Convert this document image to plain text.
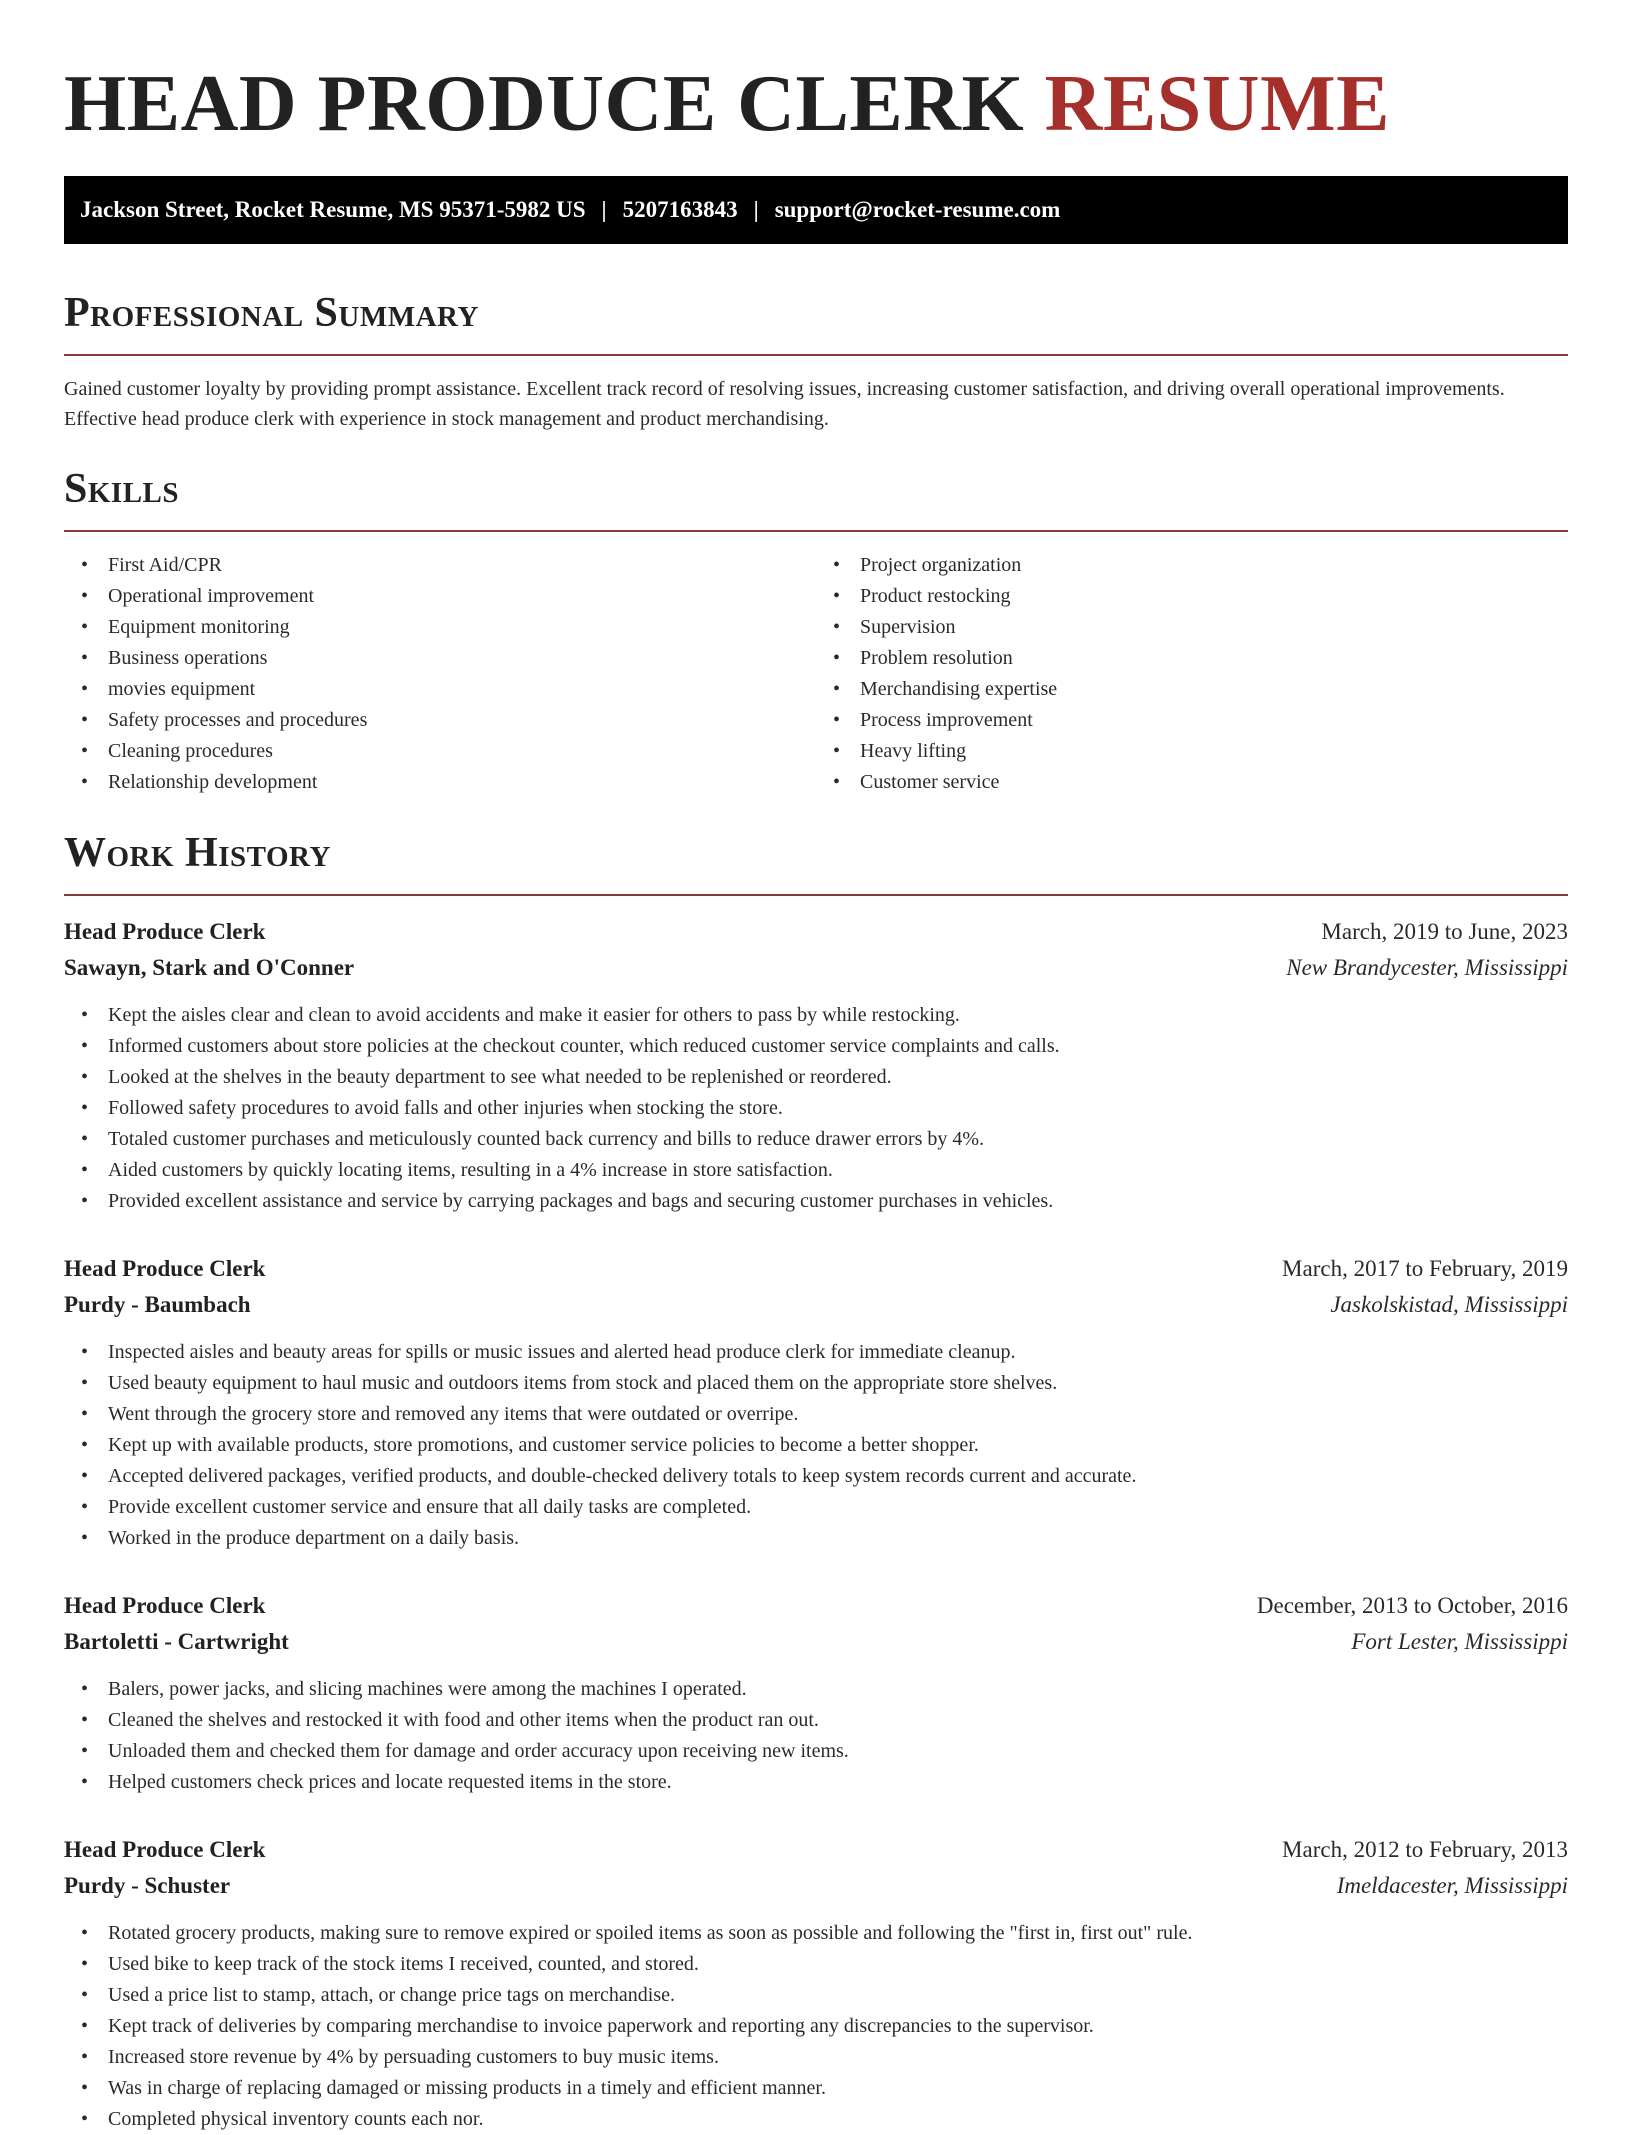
HEAD PRODUCE CLERK RESUME
Jackson Street, Rocket Resume, MS 95371-5982 US | 5207163843 | support@rocket-resume.com
Professional Summary

Gained customer loyalty by providing prompt assistance. Excellent track record of resolving issues, increasing customer satisfaction, and driving overall operational improvements. Effective head produce clerk with experience in stock management and product merchandising.

Skills
• First Aid/CPR
• Operational improvement
• Equipment monitoring
• Business operations
• movies equipment
• Safety processes and procedures
• Cleaning procedures
• Relationship development
• Project organization
• Product restocking
• Supervision
• Problem resolution
• Merchandising expertise
• Process improvement
• Heavy lifting
• Customer service
Work History
Head Produce Clerk	March, 2019 to June, 2023
Sawayn, Stark and O'Conner	New Brandycester, Mississippi
• Kept the aisles clear and clean to avoid accidents and make it easier for others to pass by while restocking.
• Informed customers about store policies at the checkout counter, which reduced customer service complaints and calls.
• Looked at the shelves in the beauty department to see what needed to be replenished or reordered.
• Followed safety procedures to avoid falls and other injuries when stocking the store.
• Totaled customer purchases and meticulously counted back currency and bills to reduce drawer errors by 4%.
• Aided customers by quickly locating items, resulting in a 4% increase in store satisfaction.
• Provided excellent assistance and service by carrying packages and bags and securing customer purchases in vehicles.
Head Produce Clerk	March, 2017 to February, 2019
Purdy - Baumbach	Jaskolskistad, Mississippi
• Inspected aisles and beauty areas for spills or music issues and alerted head produce clerk for immediate cleanup.
• Used beauty equipment to haul music and outdoors items from stock and placed them on the appropriate store shelves.
• Went through the grocery store and removed any items that were outdated or overripe.
• Kept up with available products, store promotions, and customer service policies to become a better shopper.
• Accepted delivered packages, verified products, and double-checked delivery totals to keep system records current and accurate.
• Provide excellent customer service and ensure that all daily tasks are completed.
• Worked in the produce department on a daily basis.
Head Produce Clerk	December, 2013 to October, 2016
Bartoletti - Cartwright	Fort Lester, Mississippi
• Balers, power jacks, and slicing machines were among the machines I operated.
• Cleaned the shelves and restocked it with food and other items when the product ran out.
• Unloaded them and checked them for damage and order accuracy upon receiving new items.
• Helped customers check prices and locate requested items in the store.
Head Produce Clerk	March, 2012 to February, 2013
Purdy - Schuster	Imeldacester, Mississippi
• Rotated grocery products, making sure to remove expired or spoiled items as soon as possible and following the "first in, first out" rule.
• Used bike to keep track of the stock items I received, counted, and stored.
• Used a price list to stamp, attach, or change price tags on merchandise.
• Kept track of deliveries by comparing merchandise to invoice paperwork and reporting any discrepancies to the supervisor.
• Increased store revenue by 4% by persuading customers to buy music items.
• Was in charge of replacing damaged or missing products in a timely and efficient manner.
• Completed physical inventory counts each nor.
